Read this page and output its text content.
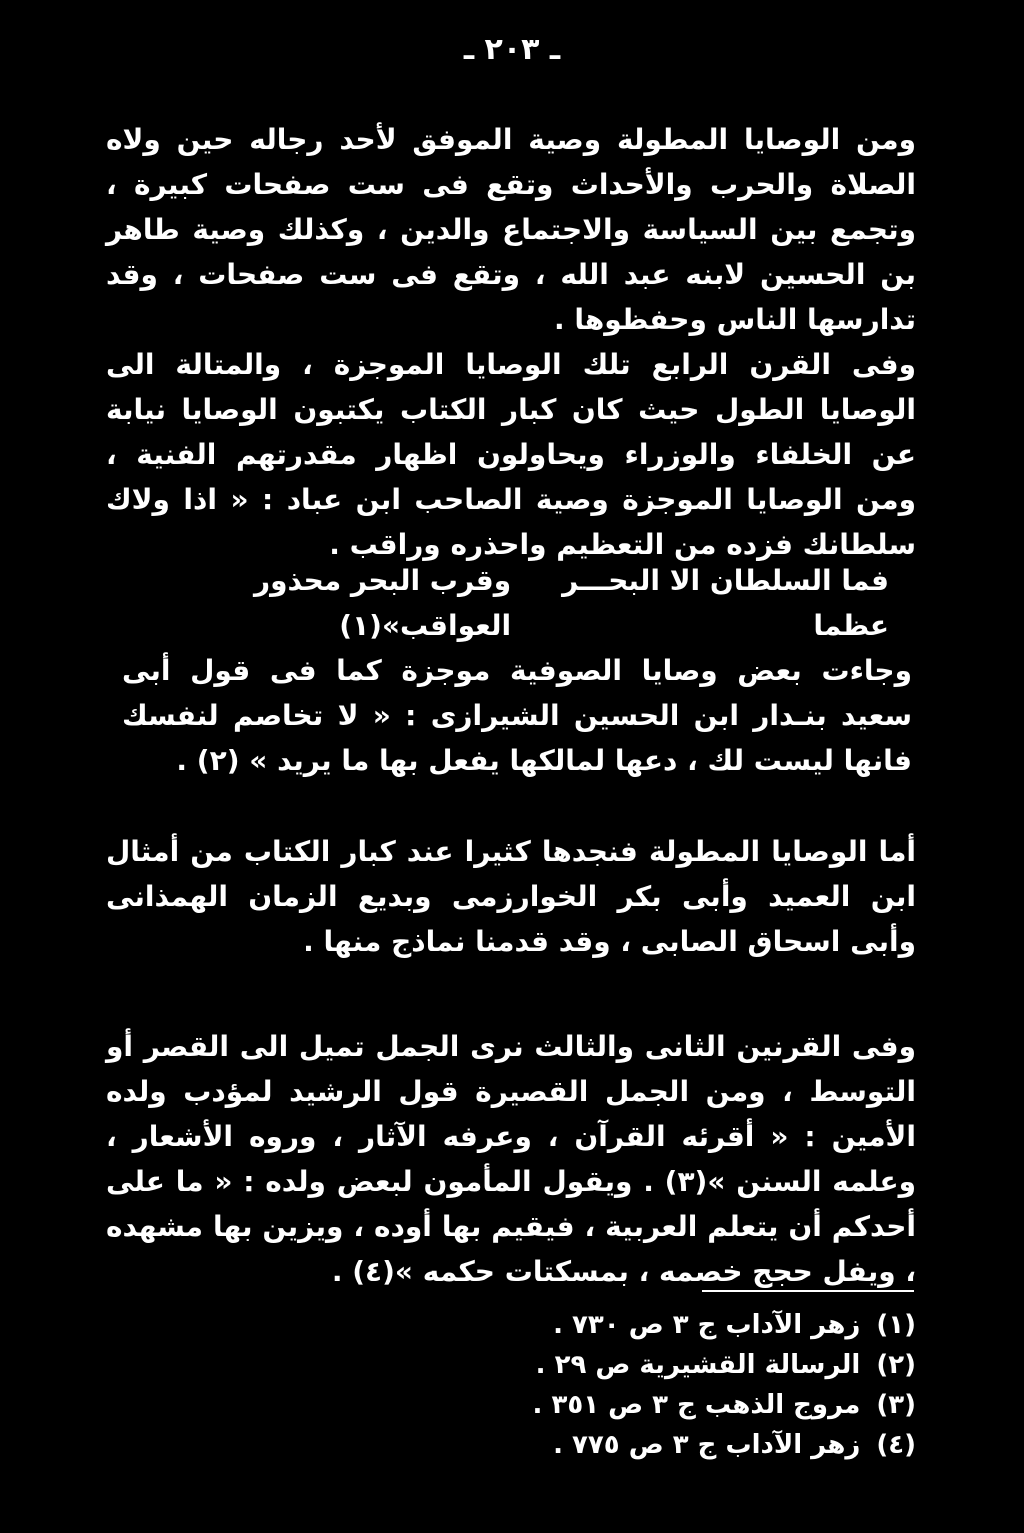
ـ ٢٠٣ ـ

ومن الوصايا المطولة وصية الموفق لأحد رجاله حين ولاه الصلاة والحرب والأحداث وتقع فى ست صفحات كبيرة ، وتجمع بين السياسة والاجتماع والدين ، وكذلك وصية طاهر بن الحسين لابنه عبد الله ، وتقع فى ست صفحات ، وقد تدارسها الناس وحفظوها .

وفى القرن الرابع تلك الوصايا الموجزة ، والمتالة الى الوصايا الطول حيث كان كبار الكتاب يكتبون الوصايا نيابة عن الخلفاء والوزراء ويحاولون اظهار مقدرتهم الفنية ، ومن الوصايا الموجزة وصية الصاحب ابن عباد : « اذا ولاك سلطانك فزده من التعظيم واحذره وراقب .

فما السلطان الا البحـــر عظما
وقرب البحر محذور العواقب»(١)

وجاءت بعض وصايا الصوفية موجزة كما فى قول أبى سعيد بنـدار ابن الحسين الشيرازى : « لا تخاصم لنفسك فانها ليست لك ، دعها لمالكها يفعل بها ما يريد » (٢) .

أما الوصايا المطولة فنجدها كثيرا عند كبار الكتاب من أمثال ابن العميد وأبى بكر الخوارزمى وبديع الزمان الهمذانى وأبى اسحاق الصابى ، وقد قدمنا نماذج منها .

وفى القرنين الثانى والثالث نرى الجمل تميل الى القصر أو التوسط ، ومن الجمل القصيرة قول الرشيد لمؤدب ولده الأمين : « أقرئه القرآن ، وعرفه الآثار ، وروه الأشعار ، وعلمه السنن »(٣) . ويقول المأمون لبعض ولده : « ما على أحدكم أن يتعلم العربية ، فيقيم بها أوده ، ويزين بها مشهده ، ويفل حجج خصمه ، بمسكتات حكمه »(٤) .

(١)
زهر الآداب ج ٣ ص ٧٣٠ .
(٢)
الرسالة القشيرية ص ٢٩ .
(٣)
مروج الذهب ج ٣ ص ٣٥١ .
(٤)
زهر الآداب ج ٣ ص ٧٧٥ .
